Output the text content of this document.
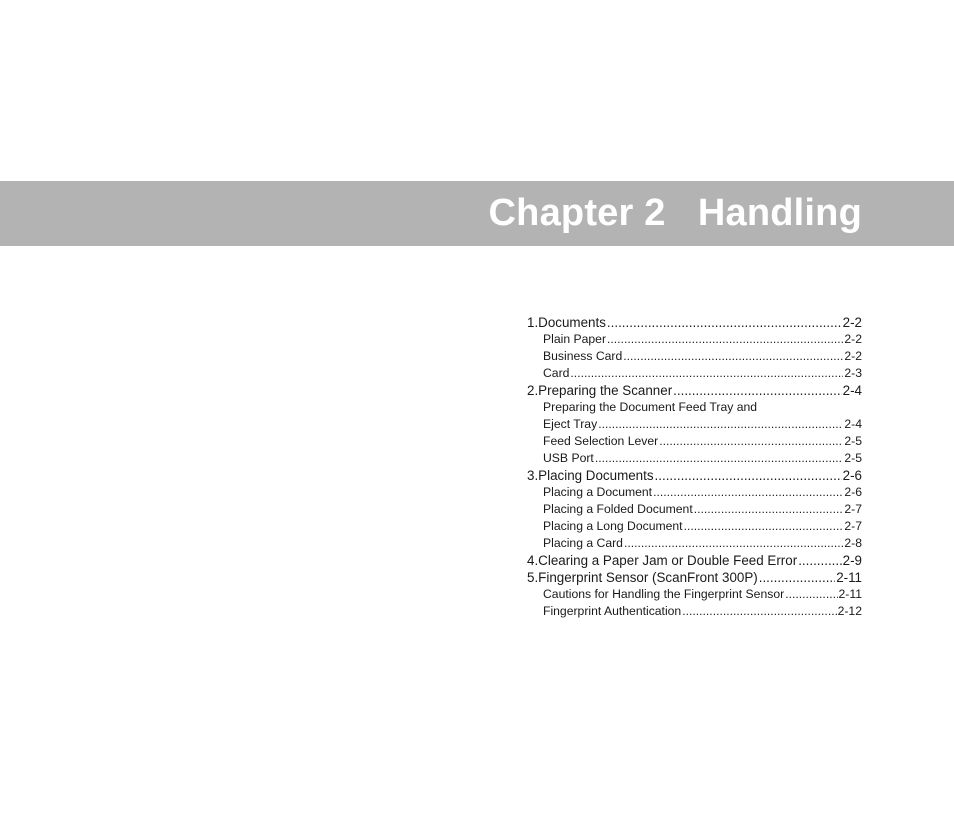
Chapter 2   Handling
1. Documents .....	2-2
Plain Paper .....	2-2
Business Card .....	2-2
Card .....	2-3
2. Preparing the Scanner .....	2-4
Preparing the Document Feed Tray and
Eject Tray .....	2-4
Feed Selection Lever .....	2-5
USB Port .....	2-5
3. Placing Documents .....	2-6
Placing a Document .....	2-6
Placing a Folded Document .....	2-7
Placing a Long Document .....	2-7
Placing a Card .....	2-8
4. Clearing a Paper Jam or Double Feed Error .....	2-9
5. Fingerprint Sensor (ScanFront 300P) .....	2-11
Cautions for Handling the Fingerprint Sensor .....	2-11
Fingerprint Authentication .....	2-12
